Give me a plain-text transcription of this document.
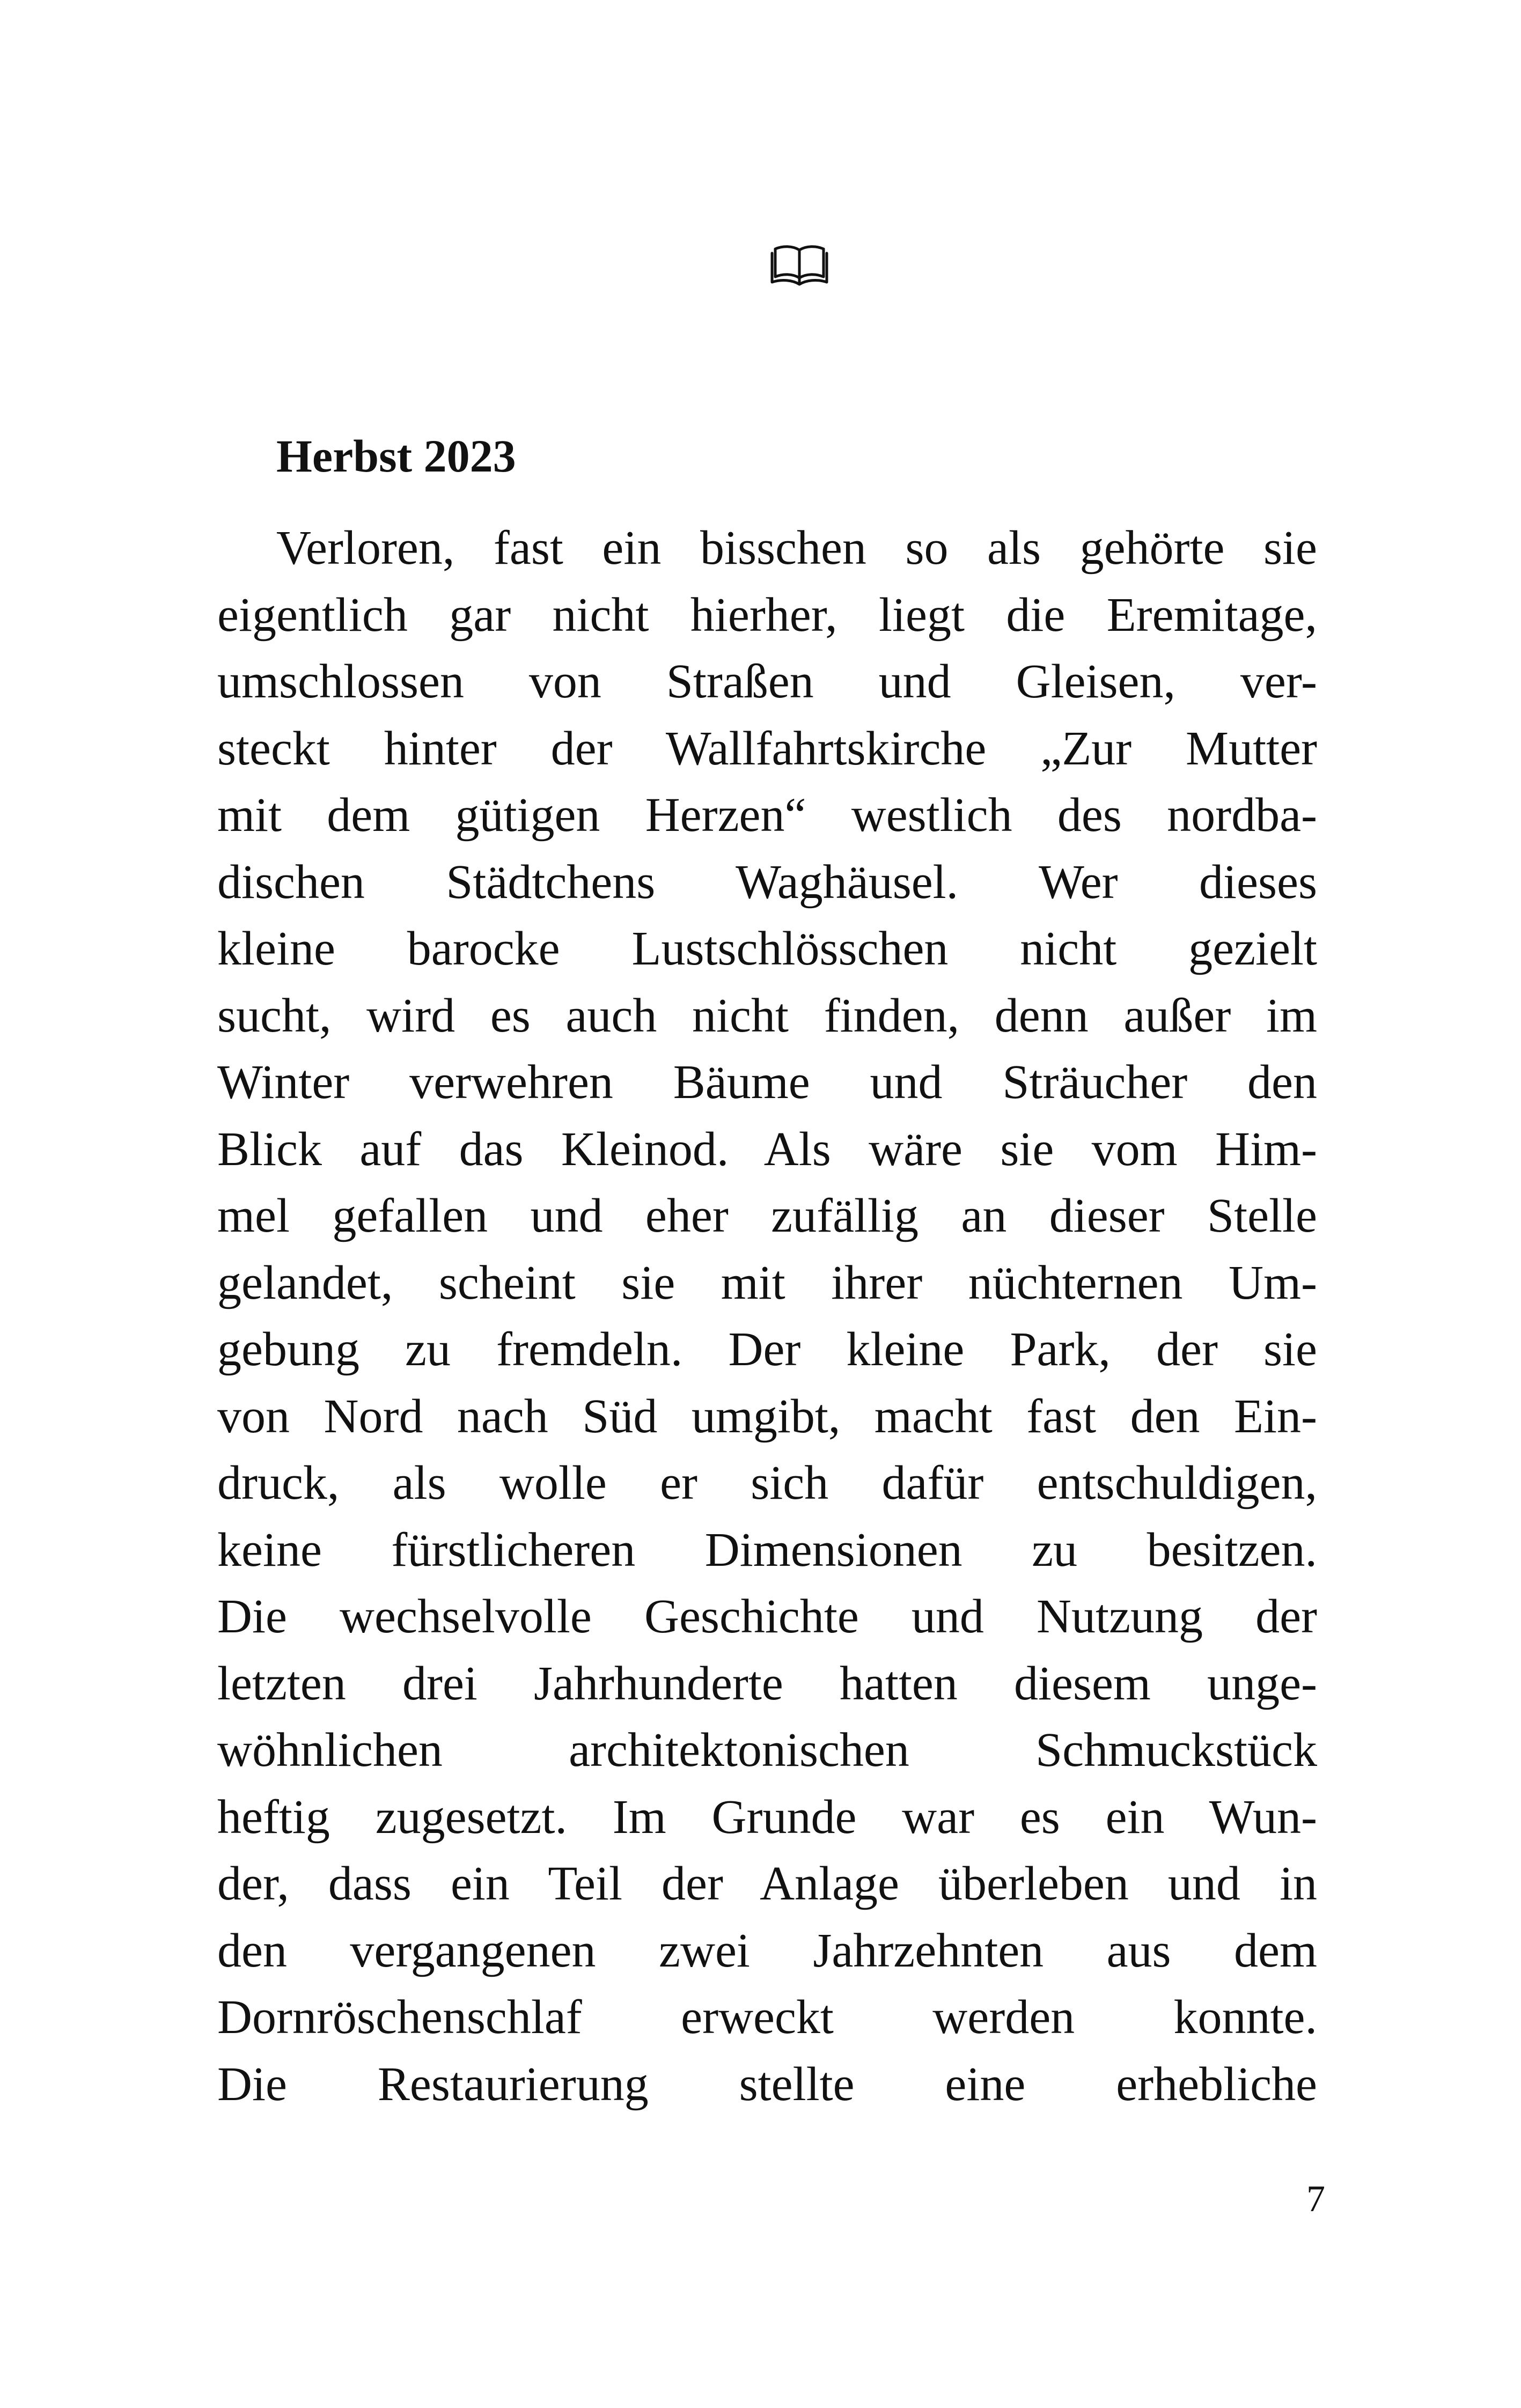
Herbst 2023
Verloren, fast ein bisschen so als gehörte sie
eigentlich gar nicht hierher, liegt die Eremitage,
umschlossen von Straßen und Gleisen, ver-
steckt hinter der Wallfahrtskirche „Zur Mutter
mit dem gütigen Herzen“ westlich des nordba-
dischen Städtchens Waghäusel. Wer dieses
kleine barocke Lustschlösschen nicht gezielt
sucht, wird es auch nicht finden, denn außer im
Winter verwehren Bäume und Sträucher den
Blick auf das Kleinod. Als wäre sie vom Him-
mel gefallen und eher zufällig an dieser Stelle
gelandet, scheint sie mit ihrer nüchternen Um-
gebung zu fremdeln. Der kleine Park, der sie
von Nord nach Süd umgibt, macht fast den Ein-
druck, als wolle er sich dafür entschuldigen,
keine fürstlicheren Dimensionen zu besitzen.
Die wechselvolle Geschichte und Nutzung der
letzten drei Jahrhunderte hatten diesem unge-
wöhnlichen architektonischen Schmuckstück
heftig zugesetzt. Im Grunde war es ein Wun-
der, dass ein Teil der Anlage überleben und in
den vergangenen zwei Jahrzehnten aus dem
Dornröschenschlaf erweckt werden konnte.
Die Restaurierung stellte eine erhebliche
7
